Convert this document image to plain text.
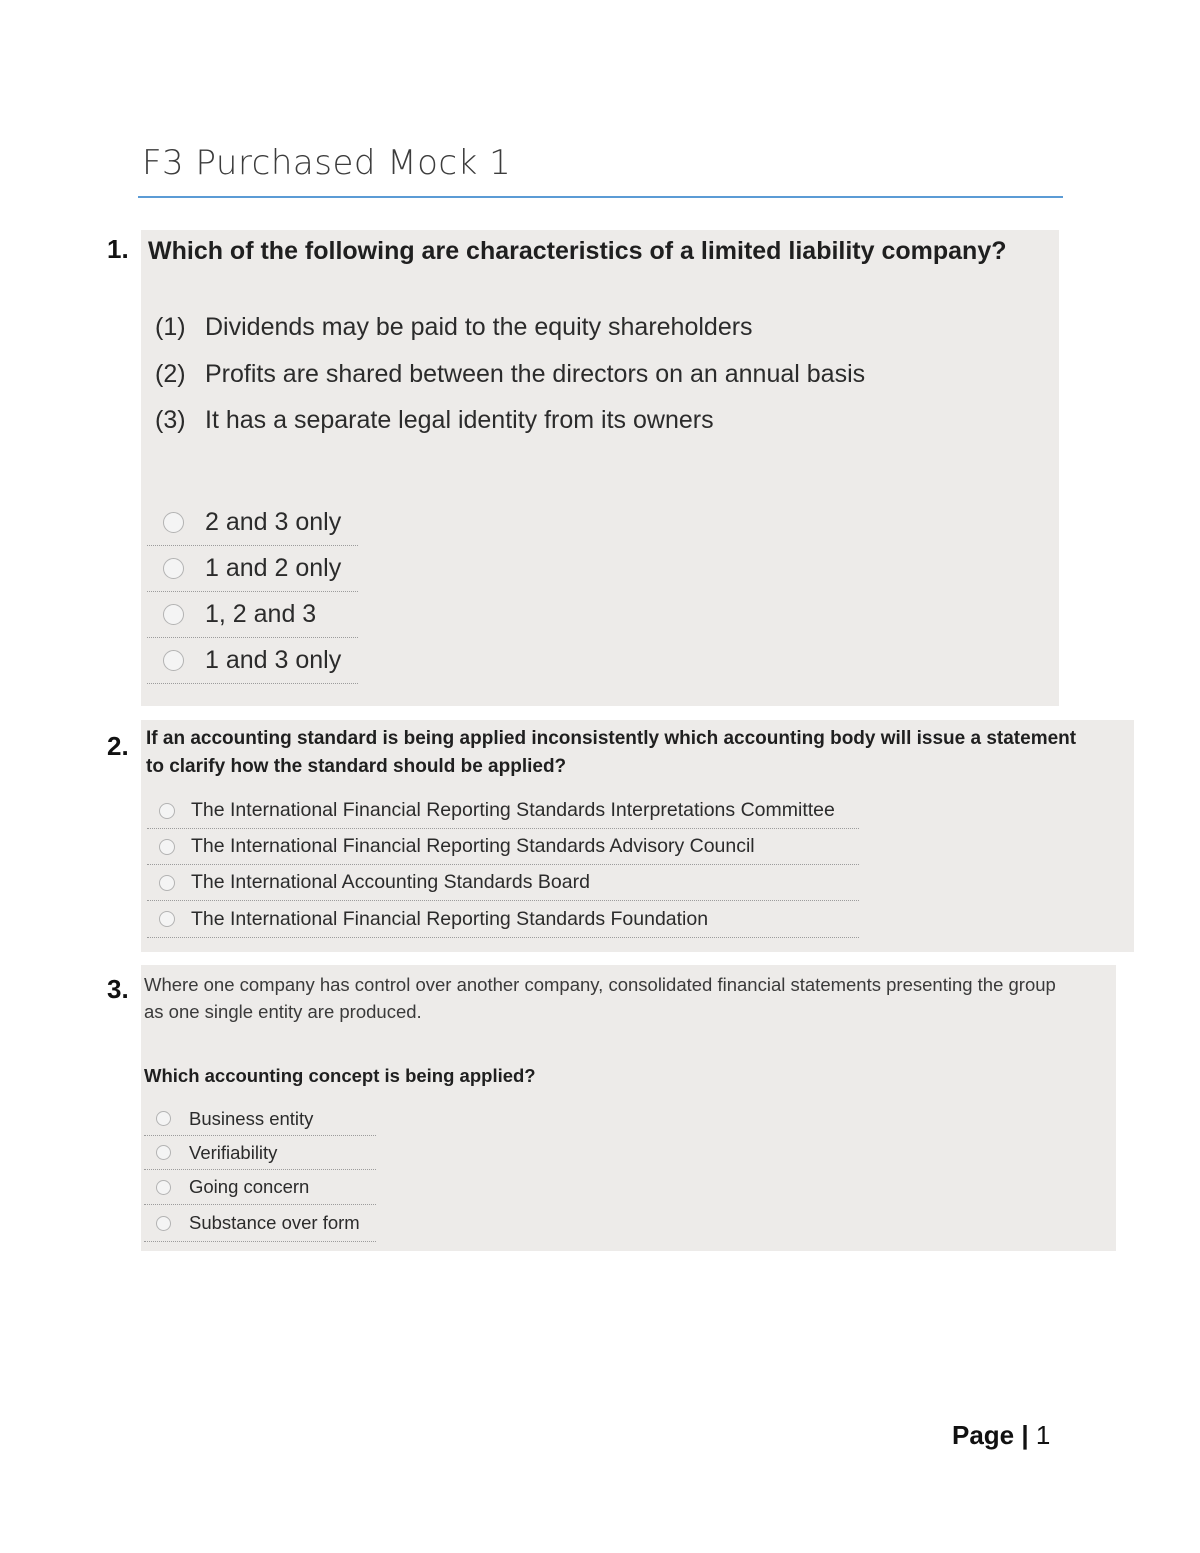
F3 Purchased Mock 1
1. Which of the following are characteristics of a limited liability company?
(1) Dividends may be paid to the equity shareholders
(2) Profits are shared between the directors on an annual basis
(3) It has a separate legal identity from its owners
2 and 3 only
1 and 2 only
1, 2 and 3
1 and 3 only
2. If an accounting standard is being applied inconsistently which accounting body will issue a statement
to clarify how the standard should be applied?
The International Financial Reporting Standards Interpretations Committee
The International Financial Reporting Standards Advisory Council
The International Accounting Standards Board
The International Financial Reporting Standards Foundation
3. Where one company has control over another company, consolidated financial statements presenting the group
as one single entity are produced.
Which accounting concept is being applied?
Business entity
Verifiability
Going concern
Substance over form
Page | 1
